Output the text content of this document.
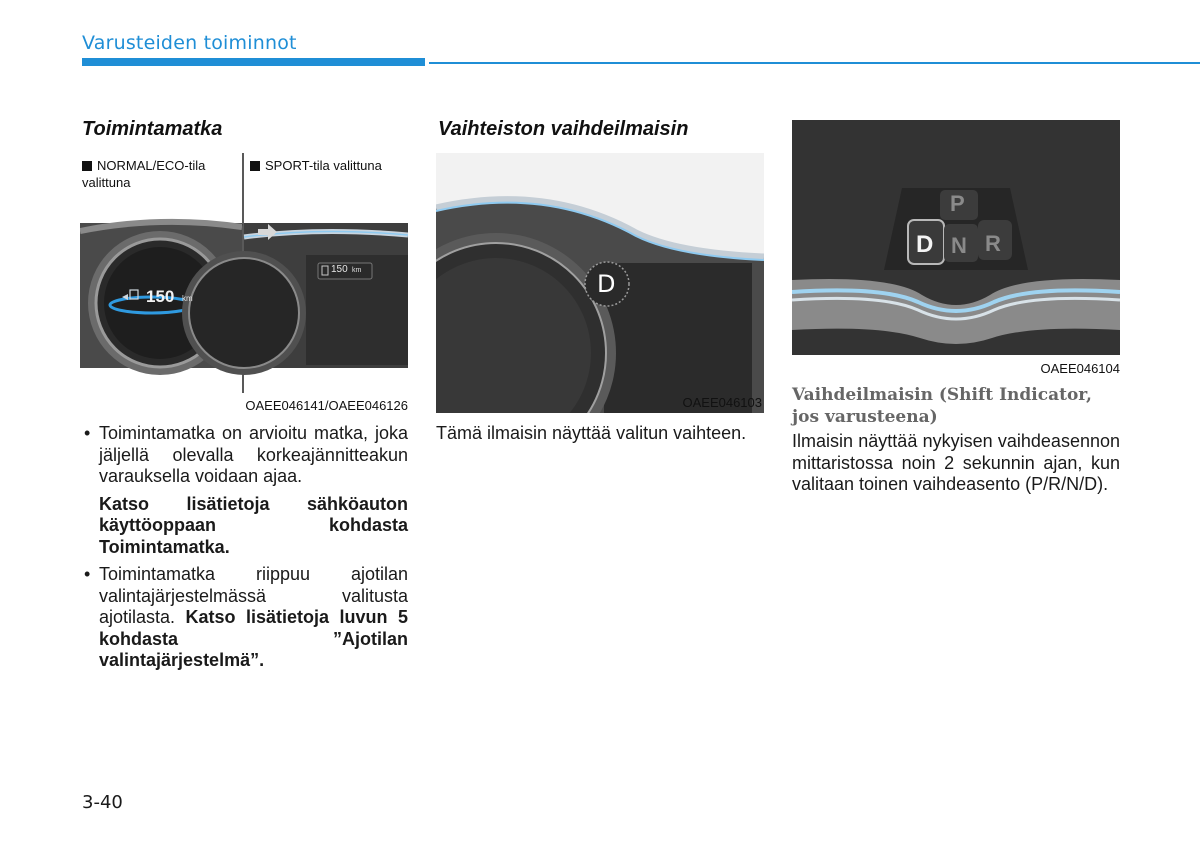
Varusteiden toiminnot
Toimintamatka
NORMAL/ECO-tila valittuna
SPORT-tila valittuna
150 km
150 km
OAEE046141/OAEE046126
• Toimintamatka on arvioitu matka, joka jäljellä olevalla korkeajännitteakun varauksella voidaan ajaa.
Katso lisätietoja sähköauton käyttöoppaan kohdasta Toimintamatka.
• Toimintamatka riippuu ajotilan valintajärjestelmässä valitusta ajotilasta. Katso lisätietoja luvun 5 kohdasta ”Ajotilan valintajärjestelmä”.
Vaihteiston vaihdeilmaisin
D
OAEE046103
Tämä ilmaisin näyttää valitun vaihteen.
P
D N R
OAEE046104
Vaihdeilmaisin (Shift Indicator, jos varusteena)
Ilmaisin näyttää nykyisen vaihdeasennon mittaristossa noin 2 sekunnin ajan, kun valitaan toinen vaihdeasento (P/R/N/D).
3-40
